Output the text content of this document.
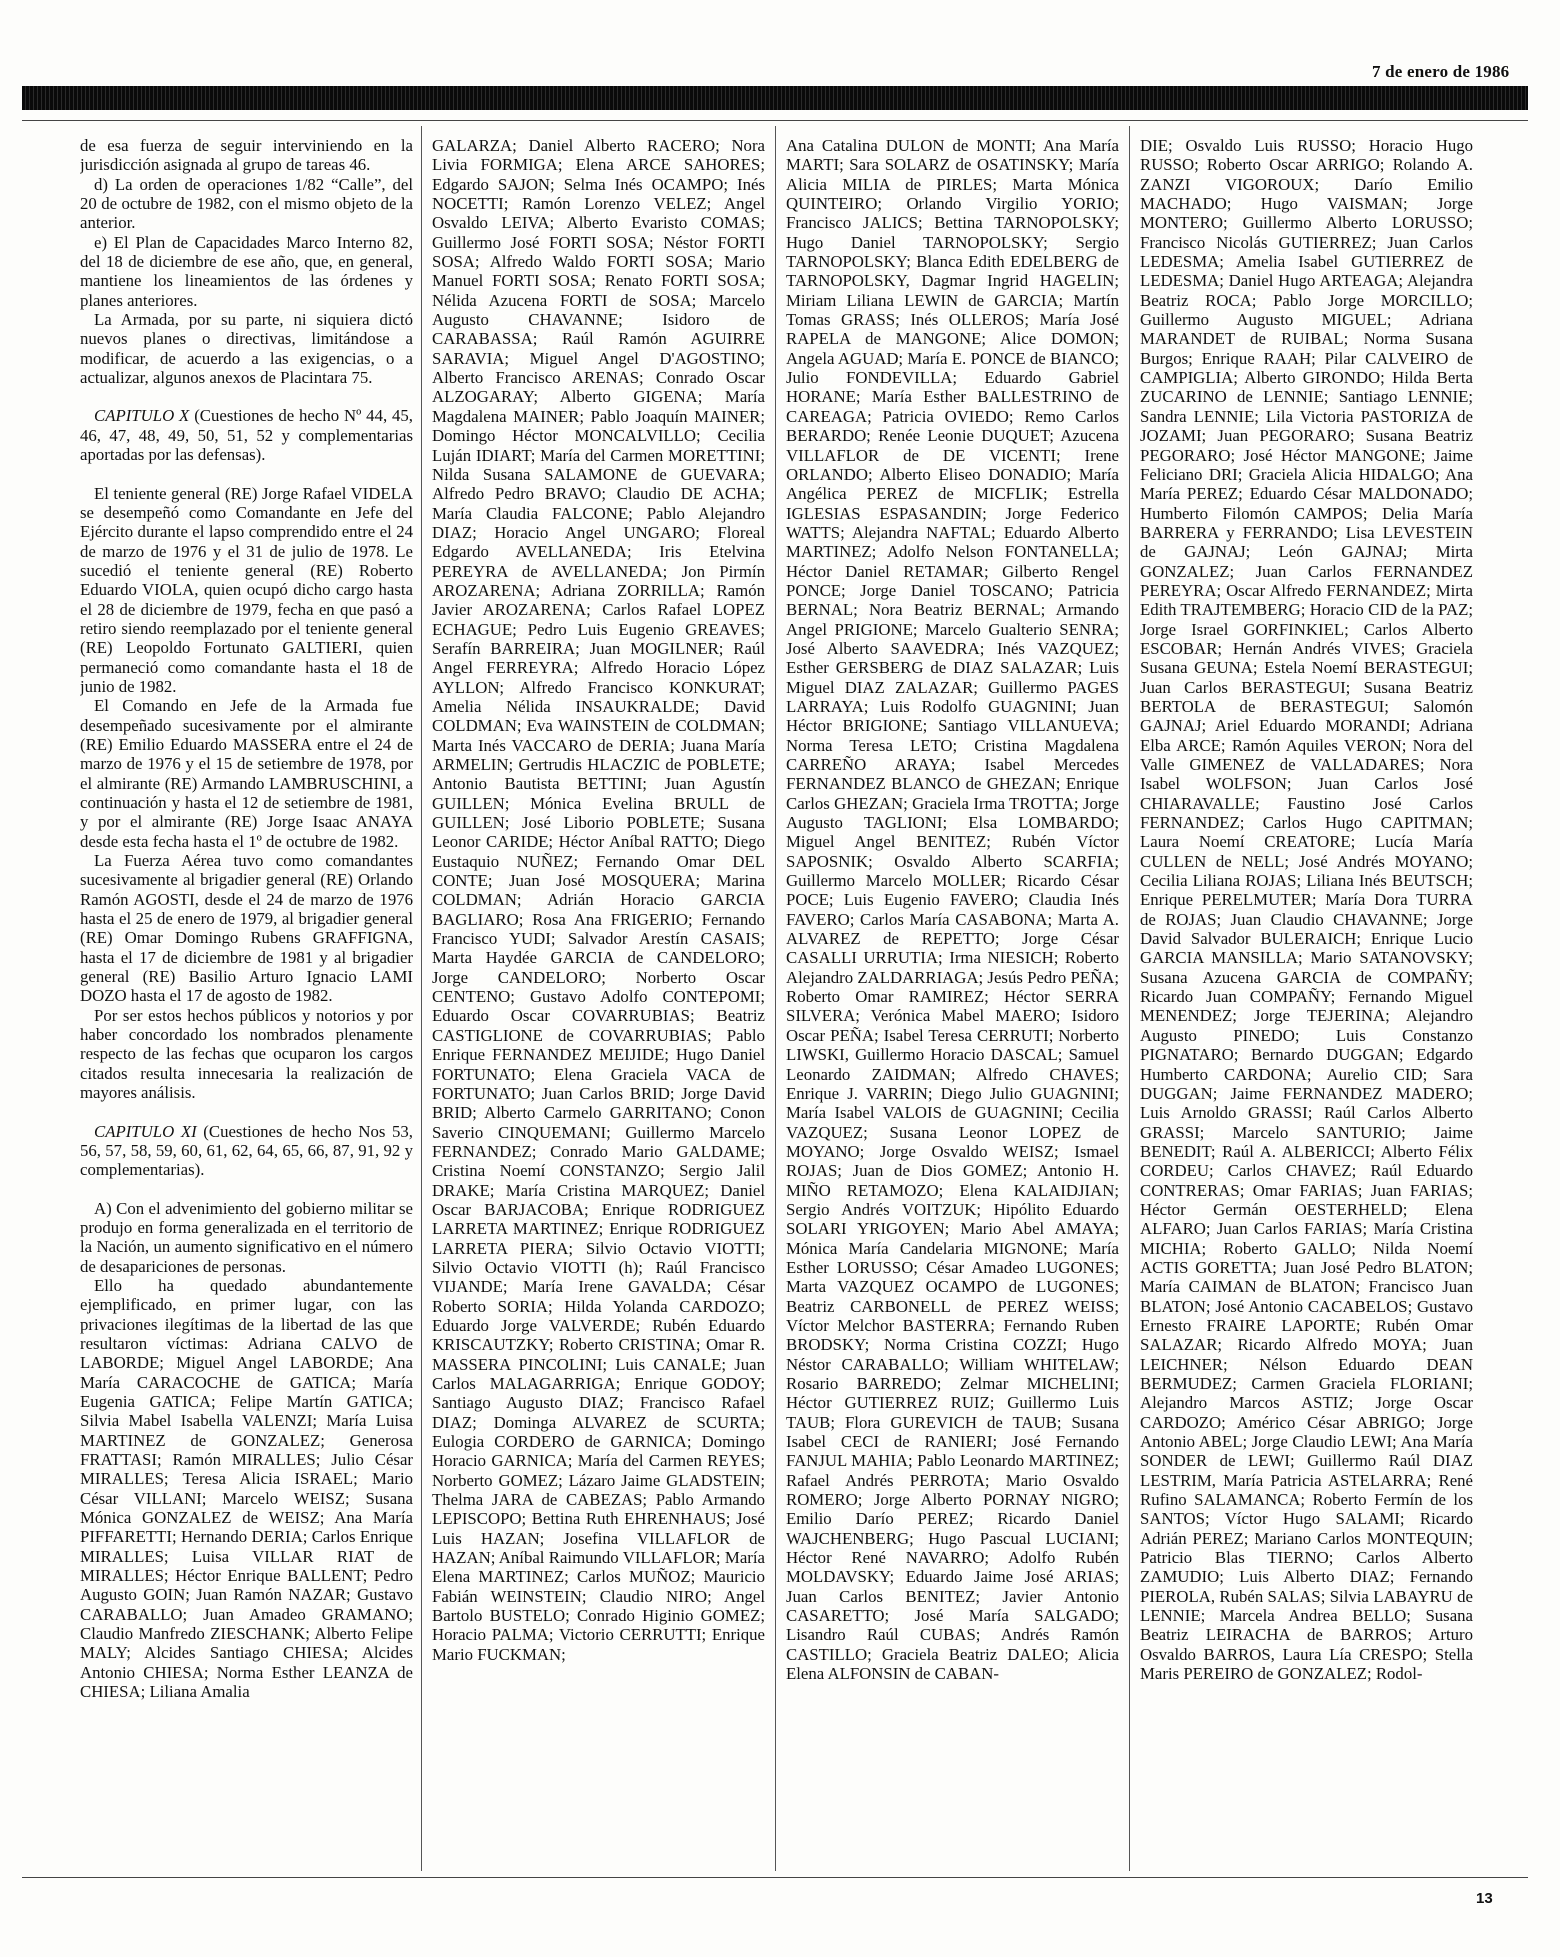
7 de enero de 1986

de esa fuerza de seguir interviniendo en la jurisdicción asignada al grupo de tareas 46.

d) La orden de operaciones 1/82 “Calle”, del 20 de octubre de 1982, con el mismo objeto de la anterior.

e) El Plan de Capacidades Marco Interno 82, del 18 de diciembre de ese año, que, en general, mantiene los lineamientos de las órdenes y planes anteriores.

La Armada, por su parte, ni siquiera dictó nuevos planes o directivas, limitándose a modificar, de acuerdo a las exigencias, o a actualizar, algunos anexos de Placintara 75.

CAPITULO X (Cuestiones de hecho Nº 44, 45, 46, 47, 48, 49, 50, 51, 52 y complementarias aportadas por las defensas).

El teniente general (RE) Jorge Rafael VIDELA se desempeñó como Comandante en Jefe del Ejército durante el lapso comprendido entre el 24 de marzo de 1976 y el 31 de julio de 1978. Le sucedió el teniente general (RE) Roberto Eduardo VIOLA, quien ocupó dicho cargo hasta el 28 de diciembre de 1979, fecha en que pasó a retiro siendo reemplazado por el teniente general (RE) Leopoldo Fortunato GALTIERI, quien permaneció como comandante hasta el 18 de junio de 1982.

El Comando en Jefe de la Armada fue desempeñado sucesivamente por el almirante (RE) Emilio Eduardo MASSERA entre el 24 de marzo de 1976 y el 15 de setiembre de 1978, por el almirante (RE) Armando LAMBRUSCHINI, a continuación y hasta el 12 de setiembre de 1981, y por el almirante (RE) Jorge Isaac ANAYA desde esta fecha hasta el 1º de octubre de 1982.

La Fuerza Aérea tuvo como comandantes sucesivamente al brigadier general (RE) Orlando Ramón AGOSTI, desde el 24 de marzo de 1976 hasta el 25 de enero de 1979, al brigadier general (RE) Omar Domingo Rubens GRAFFIGNA, hasta el 17 de diciembre de 1981 y al brigadier general (RE) Basilio Arturo Ignacio LAMI DOZO hasta el 17 de agosto de 1982.

Por ser estos hechos públicos y notorios y por haber concordado los nombrados plenamente respecto de las fechas que ocuparon los cargos citados resulta innecesaria la realización de mayores análisis.

CAPITULO XI (Cuestiones de hecho Nos 53, 56, 57, 58, 59, 60, 61, 62, 64, 65, 66, 87, 91, 92 y complementarias).

A) Con el advenimiento del gobierno militar se produjo en forma generalizada en el territorio de la Nación, un aumento significativo en el número de desapariciones de personas.

Ello ha quedado abundantemente ejemplificado, en primer lugar, con las privaciones ilegítimas de la libertad de las que resultaron víctimas: Adriana CALVO de LABORDE; Miguel Angel LABORDE; Ana María CARACOCHE de GATICA; María Eugenia GATICA; Felipe Martín GATICA; Silvia Mabel Isabella VALENZI; María Luisa MARTINEZ de GONZALEZ; Generosa FRATTASI; Ramón MIRALLES; Julio César MIRALLES; Teresa Alicia ISRAEL; Mario César VILLANI; Marcelo WEISZ; Susana Mónica GONZALEZ de WEISZ; Ana María PIFFARETTI; Hernando DERIA; Carlos Enrique MIRALLES; Luisa VILLAR RIAT de MIRALLES; Héctor Enrique BALLENT; Pedro Augusto GOIN; Juan Ramón NAZAR; Gustavo CARABALLO; Juan Amadeo GRAMANO; Claudio Manfredo ZIESCHANK; Alberto Felipe MALY; Alcides Santiago CHIESA; Alcides Antonio CHIESA; Norma Esther LEANZA de CHIESA; Liliana Amalia

GALARZA; Daniel Alberto RACERO; Nora Livia FORMIGA; Elena ARCE SAHORES; Edgardo SAJON; Selma Inés OCAMPO; Inés NOCETTI; Ramón Lorenzo VELEZ; Angel Osvaldo LEIVA; Alberto Evaristo COMAS; Guillermo José FORTI SOSA; Néstor FORTI SOSA; Alfredo Waldo FORTI SOSA; Mario Manuel FORTI SOSA; Renato FORTI SOSA; Nélida Azucena FORTI de SOSA; Marcelo Augusto CHAVANNE; Isidoro de CARABASSA; Raúl Ramón AGUIRRE SARAVIA; Miguel Angel D'AGOSTINO; Alberto Francisco ARENAS; Conrado Oscar ALZOGARAY; Alberto GIGENA; María Magdalena MAINER; Pablo Joaquín MAINER; Domingo Héctor MONCALVILLO; Cecilia Luján IDIART; María del Carmen MORETTINI; Nilda Susana SALAMONE de GUEVARA; Alfredo Pedro BRAVO; Claudio DE ACHA; María Claudia FALCONE; Pablo Alejandro DIAZ; Horacio Angel UNGARO; Floreal Edgardo AVELLANEDA; Iris Etelvina PEREYRA de AVELLANEDA; Jon Pirmín AROZARENA; Adriana ZORRILLA; Ramón Javier AROZARENA; Carlos Rafael LOPEZ ECHAGUE; Pedro Luis Eugenio GREAVES; Serafín BARREIRA; Juan MOGILNER; Raúl Angel FERREYRA; Alfredo Horacio López AYLLON; Alfredo Francisco KONKURAT; Amelia Nélida INSAUKRALDE; David COLDMAN; Eva WAINSTEIN de COLDMAN; Marta Inés VACCARO de DERIA; Juana María ARMELIN; Gertrudis HLACZIC de POBLETE; Antonio Bautista BETTINI; Juan Agustín GUILLEN; Mónica Evelina BRULL de GUILLEN; José Liborio POBLETE; Susana Leonor CARIDE; Héctor Aníbal RATTO; Diego Eustaquio NUÑEZ; Fernando Omar DEL CONTE; Juan José MOSQUERA; Marina COLDMAN; Adrián Horacio GARCIA BAGLIARO; Rosa Ana FRIGERIO; Fernando Francisco YUDI; Salvador Arestín CASAIS; Marta Haydée GARCIA de CANDELORO; Jorge CANDELORO; Norberto Oscar CENTENO; Gustavo Adolfo CONTEPOMI; Eduardo Oscar COVARRUBIAS; Beatriz CASTIGLIONE de COVARRUBIAS; Pablo Enrique FERNANDEZ MEIJIDE; Hugo Daniel FORTUNATO; Elena Graciela VACA de FORTUNATO; Juan Carlos BRID; Jorge David BRID; Alberto Carmelo GARRITANO; Conon Saverio CINQUEMANI; Guillermo Marcelo FERNANDEZ; Conrado Mario GALDAME; Cristina Noemí CONSTANZO; Sergio Jalil DRAKE; María Cristina MARQUEZ; Daniel Oscar BARJACOBA; Enrique RODRIGUEZ LARRETA MARTINEZ; Enrique RODRIGUEZ LARRETA PIERA; Silvio Octavio VIOTTI; Silvio Octavio VIOTTI (h); Raúl Francisco VIJANDE; María Irene GAVALDA; César Roberto SORIA; Hilda Yolanda CARDOZO; Eduardo Jorge VALVERDE; Rubén Eduardo KRISCAUTZKY; Roberto CRISTINA; Omar R. MASSERA PINCOLINI; Luis CANALE; Juan Carlos MALAGARRIGA; Enrique GODOY; Santiago Augusto DIAZ; Francisco Rafael DIAZ; Dominga ALVAREZ de SCURTA; Eulogia CORDERO de GARNICA; Domingo Horacio GARNICA; María del Carmen REYES; Norberto GOMEZ; Lázaro Jaime GLADSTEIN; Thelma JARA de CABEZAS; Pablo Armando LEPISCOPO; Bettina Ruth EHRENHAUS; José Luis HAZAN; Josefina VILLAFLOR de HAZAN; Aníbal Raimundo VILLAFLOR; María Elena MARTINEZ; Carlos MUÑOZ; Mauricio Fabián WEINSTEIN; Claudio NIRO; Angel Bartolo BUSTELO; Conrado Higinio GOMEZ; Horacio PALMA; Victorio CERRUTTI; Enrique Mario FUCKMAN;

Ana Catalina DULON de MONTI; Ana María MARTI; Sara SOLARZ de OSATINSKY; María Alicia MILIA de PIRLES; Marta Mónica QUINTEIRO; Orlando Virgilio YORIO; Francisco JALICS; Bettina TARNOPOLSKY; Hugo Daniel TARNOPOLSKY; Sergio TARNOPOLSKY; Blanca Edith EDELBERG de TARNOPOLSKY, Dagmar Ingrid HAGELIN; Miriam Liliana LEWIN de GARCIA; Martín Tomas GRASS; Inés OLLEROS; María José RAPELA de MANGONE; Alice DOMON; Angela AGUAD; María E. PONCE de BIANCO; Julio FONDEVILLA; Eduardo Gabriel HORANE; María Esther BALLESTRINO de CAREAGA; Patricia OVIEDO; Remo Carlos BERARDO; Renée Leonie DUQUET; Azucena VILLAFLOR de DE VICENTI; Irene ORLANDO; Alberto Eliseo DONADIO; María Angélica PEREZ de MICFLIK; Estrella IGLESIAS ESPASANDIN; Jorge Federico WATTS; Alejandra NAFTAL; Eduardo Alberto MARTINEZ; Adolfo Nelson FONTANELLA; Héctor Daniel RETAMAR; Gilberto Rengel PONCE; Jorge Daniel TOSCANO; Patricia BERNAL; Nora Beatriz BERNAL; Armando Angel PRIGIONE; Marcelo Gualterio SENRA; José Alberto SAAVEDRA; Inés VAZQUEZ; Esther GERSBERG de DIAZ SALAZAR; Luis Miguel DIAZ ZALAZAR; Guillermo PAGES LARRAYA; Luis Rodolfo GUAGNINI; Juan Héctor BRIGIONE; Santiago VILLANUEVA; Norma Teresa LETO; Cristina Magdalena CARREÑO ARAYA; Isabel Mercedes FERNANDEZ BLANCO de GHEZAN; Enrique Carlos GHEZAN; Graciela Irma TROTTA; Jorge Augusto TAGLIONI; Elsa LOMBARDO; Miguel Angel BENITEZ; Rubén Víctor SAPOSNIK; Osvaldo Alberto SCARFIA; Guillermo Marcelo MOLLER; Ricardo César POCE; Luis Eugenio FAVERO; Claudia Inés FAVERO; Carlos María CASABONA; Marta A. ALVAREZ de REPETTO; Jorge César CASALLI URRUTIA; Irma NIESICH; Roberto Alejandro ZALDARRIAGA; Jesús Pedro PEÑA; Roberto Omar RAMIREZ; Héctor SERRA SILVERA; Verónica Mabel MAERO; Isidoro Oscar PEÑA; Isabel Teresa CERRUTI; Norberto LIWSKI, Guillermo Horacio DASCAL; Samuel Leonardo ZAIDMAN; Alfredo CHAVES; Enrique J. VARRIN; Diego Julio GUAGNINI; María Isabel VALOIS de GUAGNINI; Cecilia VAZQUEZ; Susana Leonor LOPEZ de MOYANO; Jorge Osvaldo WEISZ; Ismael ROJAS; Juan de Dios GOMEZ; Antonio H. MIÑO RETAMOZO; Elena KALAIDJIAN; Sergio Andrés VOITZUK; Hipólito Eduardo SOLARI YRIGOYEN; Mario Abel AMAYA; Mónica María Candelaria MIGNONE; María Esther LORUSSO; César Amadeo LUGONES; Marta VAZQUEZ OCAMPO de LUGONES; Beatriz CARBONELL de PEREZ WEISS; Víctor Melchor BASTERRA; Fernando Ruben BRODSKY; Norma Cristina COZZI; Hugo Néstor CARABALLO; William WHITELAW; Rosario BARREDO; Zelmar MICHELINI; Héctor GUTIERREZ RUIZ; Guillermo Luis TAUB; Flora GUREVICH de TAUB; Susana Isabel CECI de RANIERI; José Fernando FANJUL MAHIA; Pablo Leonardo MARTINEZ; Rafael Andrés PERROTA; Mario Osvaldo ROMERO; Jorge Alberto PORNAY NIGRO; Emilio Darío PEREZ; Ricardo Daniel WAJCHENBERG; Hugo Pascual LUCIANI; Héctor René NAVARRO; Adolfo Rubén MOLDAVSKY; Eduardo Jaime José ARIAS; Juan Carlos BENITEZ; Javier Antonio CASARETTO; José María SALGADO; Lisandro Raúl CUBAS; Andrés Ramón CASTILLO; Graciela Beatriz DALEO; Alicia Elena ALFONSIN de CABAN-

DIE; Osvaldo Luis RUSSO; Horacio Hugo RUSSO; Roberto Oscar ARRIGO; Rolando A. ZANZI VIGOROUX; Darío Emilio MACHADO; Hugo VAISMAN; Jorge MONTERO; Guillermo Alberto LORUSSO; Francisco Nicolás GUTIERREZ; Juan Carlos LEDESMA; Amelia Isabel GUTIERREZ de LEDESMA; Daniel Hugo ARTEAGA; Alejandra Beatriz ROCA; Pablo Jorge MORCILLO; Guillermo Augusto MIGUEL; Adriana MARANDET de RUIBAL; Norma Susana Burgos; Enrique RAAH; Pilar CALVEIRO de CAMPIGLIA; Alberto GIRONDO; Hilda Berta ZUCARINO de LENNIE; Santiago LENNIE; Sandra LENNIE; Lila Victoria PASTORIZA de JOZAMI; Juan PEGORARO; Susana Beatriz PEGORARO; José Héctor MANGONE; Jaime Feliciano DRI; Graciela Alicia HIDALGO; Ana María PEREZ; Eduardo César MALDONADO; Humberto Filomón CAMPOS; Delia María BARRERA y FERRANDO; Lisa LEVESTEIN de GAJNAJ; León GAJNAJ; Mirta GONZALEZ; Juan Carlos FERNANDEZ PEREYRA; Oscar Alfredo FERNANDEZ; Mirta Edith TRAJTEMBERG; Horacio CID de la PAZ; Jorge Israel GORFINKIEL; Carlos Alberto ESCOBAR; Hernán Andrés VIVES; Graciela Susana GEUNA; Estela Noemí BERASTEGUI; Juan Carlos BERASTEGUI; Susana Beatriz BERTOLA de BERASTEGUI; Salomón GAJNAJ; Ariel Eduardo MORANDI; Adriana Elba ARCE; Ramón Aquiles VERON; Nora del Valle GIMENEZ de VALLADARES; Nora Isabel WOLFSON; Juan Carlos José CHIARAVALLE; Faustino José Carlos FERNANDEZ; Carlos Hugo CAPITMAN; Laura Noemí CREATORE; Lucía María CULLEN de NELL; José Andrés MOYANO; Cecilia Liliana ROJAS; Liliana Inés BEUTSCH; Enrique PERELMUTER; María Dora TURRA de ROJAS; Juan Claudio CHAVANNE; Jorge David Salvador BULERAICH; Enrique Lucio GARCIA MANSILLA; Mario SATANOVSKY; Susana Azucena GARCIA de COMPAÑY; Ricardo Juan COMPAÑY; Fernando Miguel MENENDEZ; Jorge TEJERINA; Alejandro Augusto PINEDO; Luis Constanzo PIGNATARO; Bernardo DUGGAN; Edgardo Humberto CARDONA; Aurelio CID; Sara DUGGAN; Jaime FERNANDEZ MADERO; Luis Arnoldo GRASSI; Raúl Carlos Alberto GRASSI; Marcelo SANTURIO; Jaime BENEDIT; Raúl A. ALBERICCI; Alberto Félix CORDEU; Carlos CHAVEZ; Raúl Eduardo CONTRERAS; Omar FARIAS; Juan FARIAS; Héctor Germán OESTERHELD; Elena ALFARO; Juan Carlos FARIAS; María Cristina MICHIA; Roberto GALLO; Nilda Noemí ACTIS GORETTA; Juan José Pedro BLATON; María CAIMAN de BLATON; Francisco Juan BLATON; José Antonio CACABELOS; Gustavo Ernesto FRAIRE LAPORTE; Rubén Omar SALAZAR; Ricardo Alfredo MOYA; Juan LEICHNER; Nélson Eduardo DEAN BERMUDEZ; Carmen Graciela FLORIANI; Alejandro Marcos ASTIZ; Jorge Oscar CARDOZO; Américo César ABRIGO; Jorge Antonio ABEL; Jorge Claudio LEWI; Ana María SONDER de LEWI; Guillermo Raúl DIAZ LESTRIM, María Patricia ASTELARRA; René Rufino SALAMANCA; Roberto Fermín de los SANTOS; Víctor Hugo SALAMI; Ricardo Adrián PEREZ; Mariano Carlos MONTEQUIN; Patricio Blas TIERNO; Carlos Alberto ZAMUDIO; Luis Alberto DIAZ; Fernando PIEROLA, Rubén SALAS; Silvia LABAYRU de LENNIE; Marcela Andrea BELLO; Susana Beatriz LEIRACHA de BARROS; Arturo Osvaldo BARROS, Laura Lía CRESPO; Stella Maris PEREIRO de GONZALEZ; Rodol-

13
